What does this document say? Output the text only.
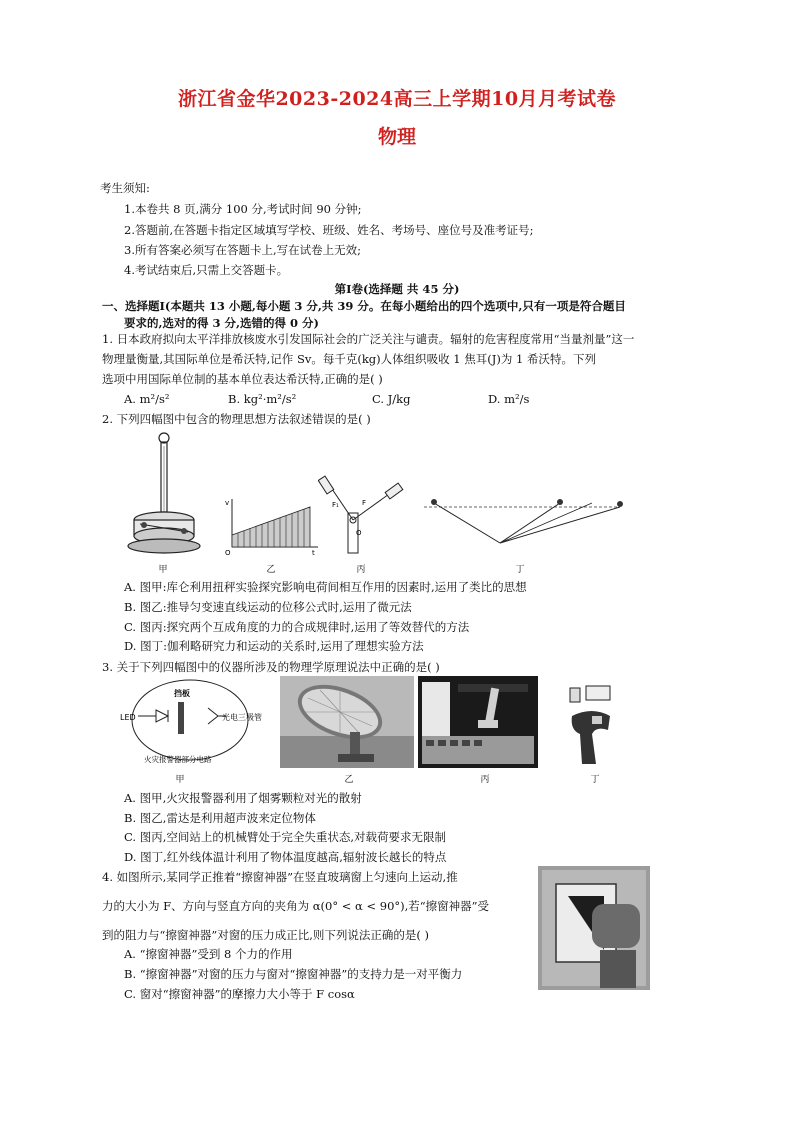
浙江省金华2023-2024高三上学期10月月考试卷
物理
考生须知:
1.本卷共 8 页,满分 100 分,考试时间 90 分钟;
2.答题前,在答题卡指定区域填写学校、班级、姓名、考场号、座位号及准考证号;
3.所有答案必须写在答题卡上,写在试卷上无效;
4.考试结束后,只需上交答题卡。
第Ⅰ卷(选择题 共 45 分)
一、选择题Ⅰ(本题共 13 小题,每小题 3 分,共 39 分。在每小题给出的四个选项中,只有一项是符合题目
要求的,选对的得 3 分,选错的得 0 分)
1. 日本政府拟向太平洋排放核废水引发国际社会的广泛关注与谴责。辐射的危害程度常用“当量剂量”这一
物理量衡量,其国际单位是希沃特,记作 Sv。每千克(kg)人体组织吸收 1 焦耳(J)为 1 希沃特。下列
选项中用国际单位制的基本单位表达希沃特,正确的是( )
A. m²/s²	B. kg²·m²/s²	C. J/kg	D. m²/s
2. 下列四幅图中包含的物理思想方法叙述错误的是( )
甲
v
O	t
乙
F₁	F
O
丙	丁
A. 图甲:库仑利用扭秤实验探究影响电荷间相互作用的因素时,运用了类比的思想
B. 图乙:推导匀变速直线运动的位移公式时,运用了微元法
C. 图丙:探究两个互成角度的力的合成规律时,运用了等效替代的方法
D. 图丁:伽利略研究力和运动的关系时,运用了理想实验方法
3. 关于下列四幅图中的仪器所涉及的物理学原理说法中正确的是( )
LED
挡板
光电三极管
火灾报警器部分电路
甲	乙	丙	丁
A. 图甲,火灾报警器利用了烟雾颗粒对光的散射
B. 图乙,雷达是利用超声波来定位物体
C. 图丙,空间站上的机械臂处于完全失重状态,对载荷要求无限制
D. 图丁,红外线体温计利用了物体温度越高,辐射波长越长的特点
4. 如图所示,某同学正推着“擦窗神器”在竖直玻璃窗上匀速向上运动,推
力的大小为 F、方向与竖直方向的夹角为 α(0° < α < 90°),若“擦窗神器”受
到的阻力与“擦窗神器”对窗的压力成正比,则下列说法正确的是( )
A. “擦窗神器”受到 8 个力的作用
B. “擦窗神器”对窗的压力与窗对“擦窗神器”的支持力是一对平衡力
C. 窗对“擦窗神器”的摩擦力大小等于 F cosα
